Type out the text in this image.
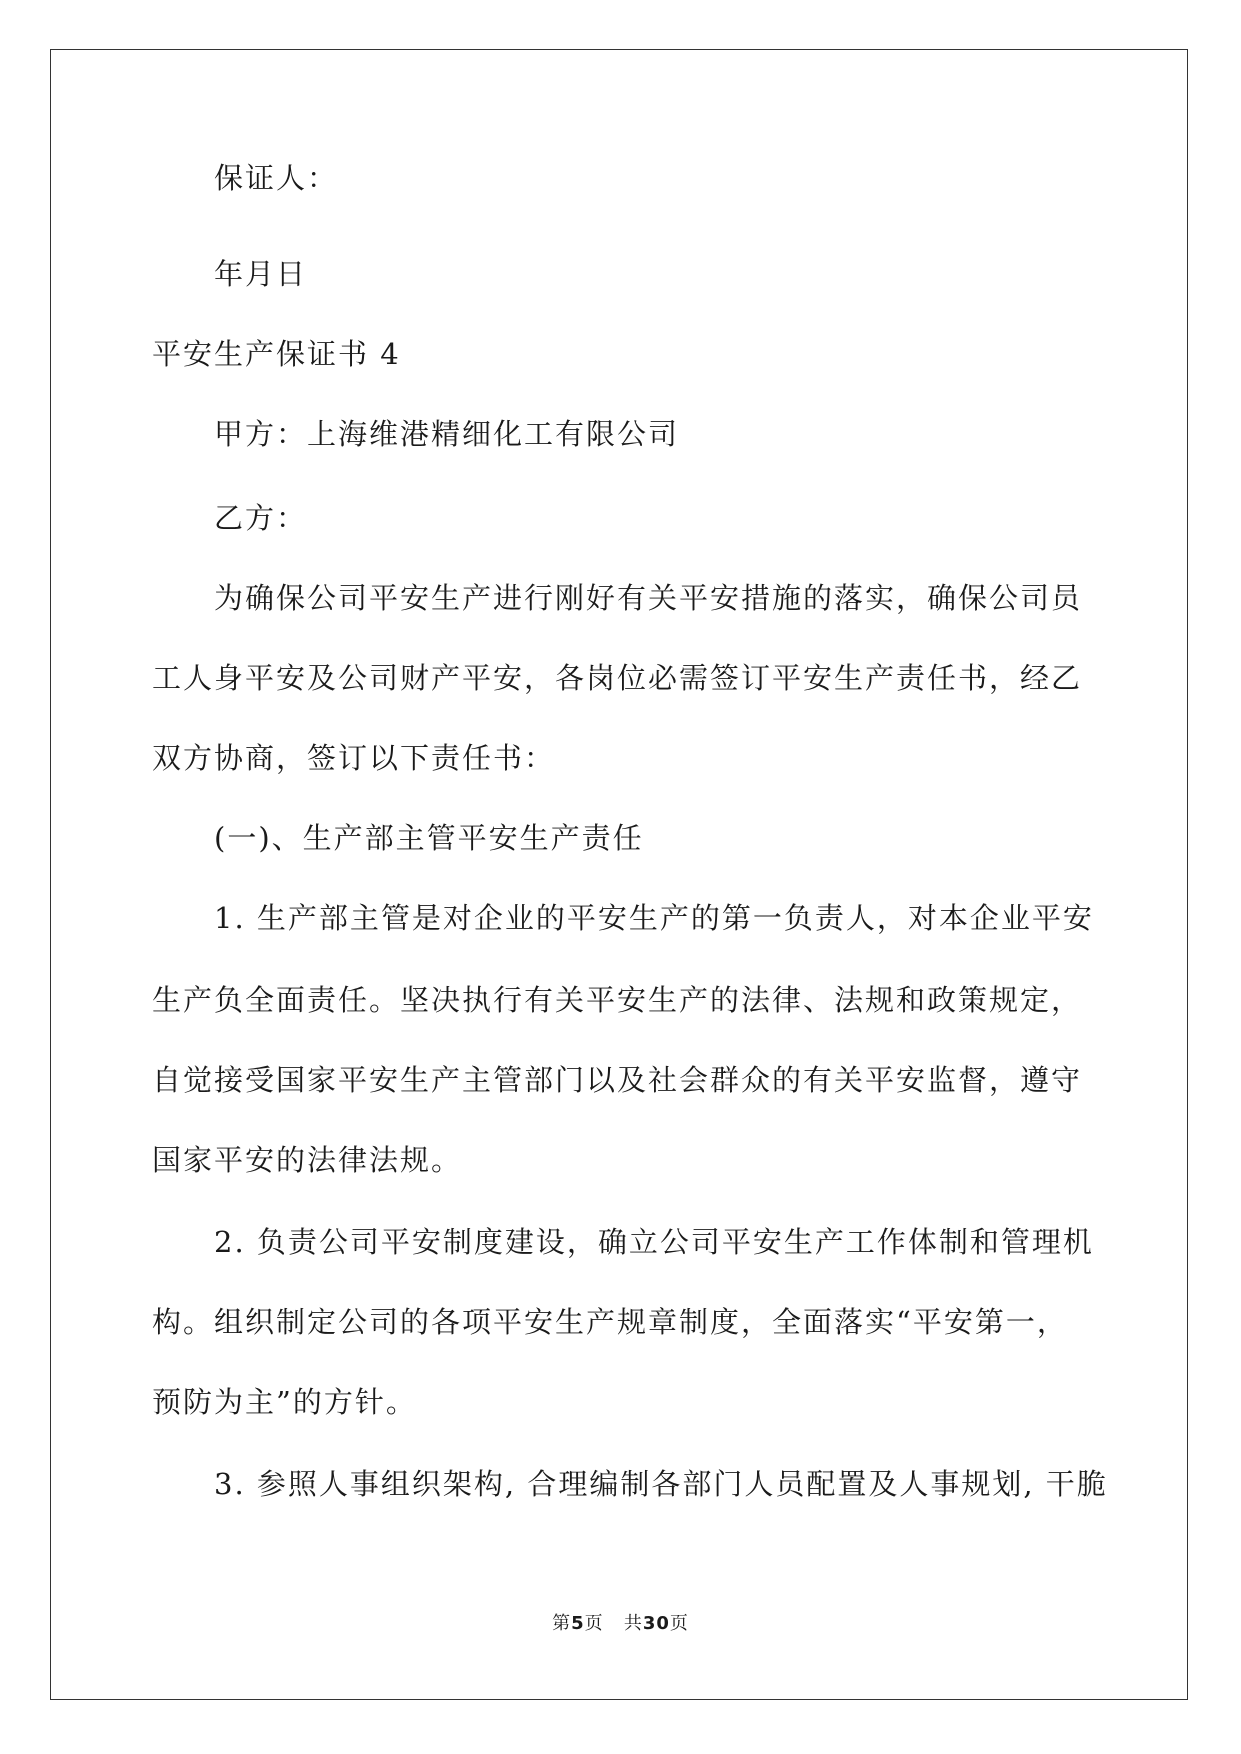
保证人：
年月日
平安生产保证书 4
甲方：上海维港精细化工有限公司
乙方：
为确保公司平安生产进行刚好有关平安措施的落实，确保公司员
工人身平安及公司财产平安，各岗位必需签订平安生产责任书，经乙
双方协商，签订以下责任书：
(一)、生产部主管平安生产责任
1. 生产部主管是对企业的平安生产的第一负责人，对本企业平安
生产负全面责任。坚决执行有关平安生产的法律、法规和政策规定，
自觉接受国家平安生产主管部门以及社会群众的有关平安监督，遵守
国家平安的法律法规。
2. 负责公司平安制度建设，确立公司平安生产工作体制和管理机
构。组织制定公司的各项平安生产规章制度，全面落实“平安第一，
预防为主”的方针。
3. 参照人事组织架构, 合理编制各部门人员配置及人事规划, 干脆
第5页 共30页
